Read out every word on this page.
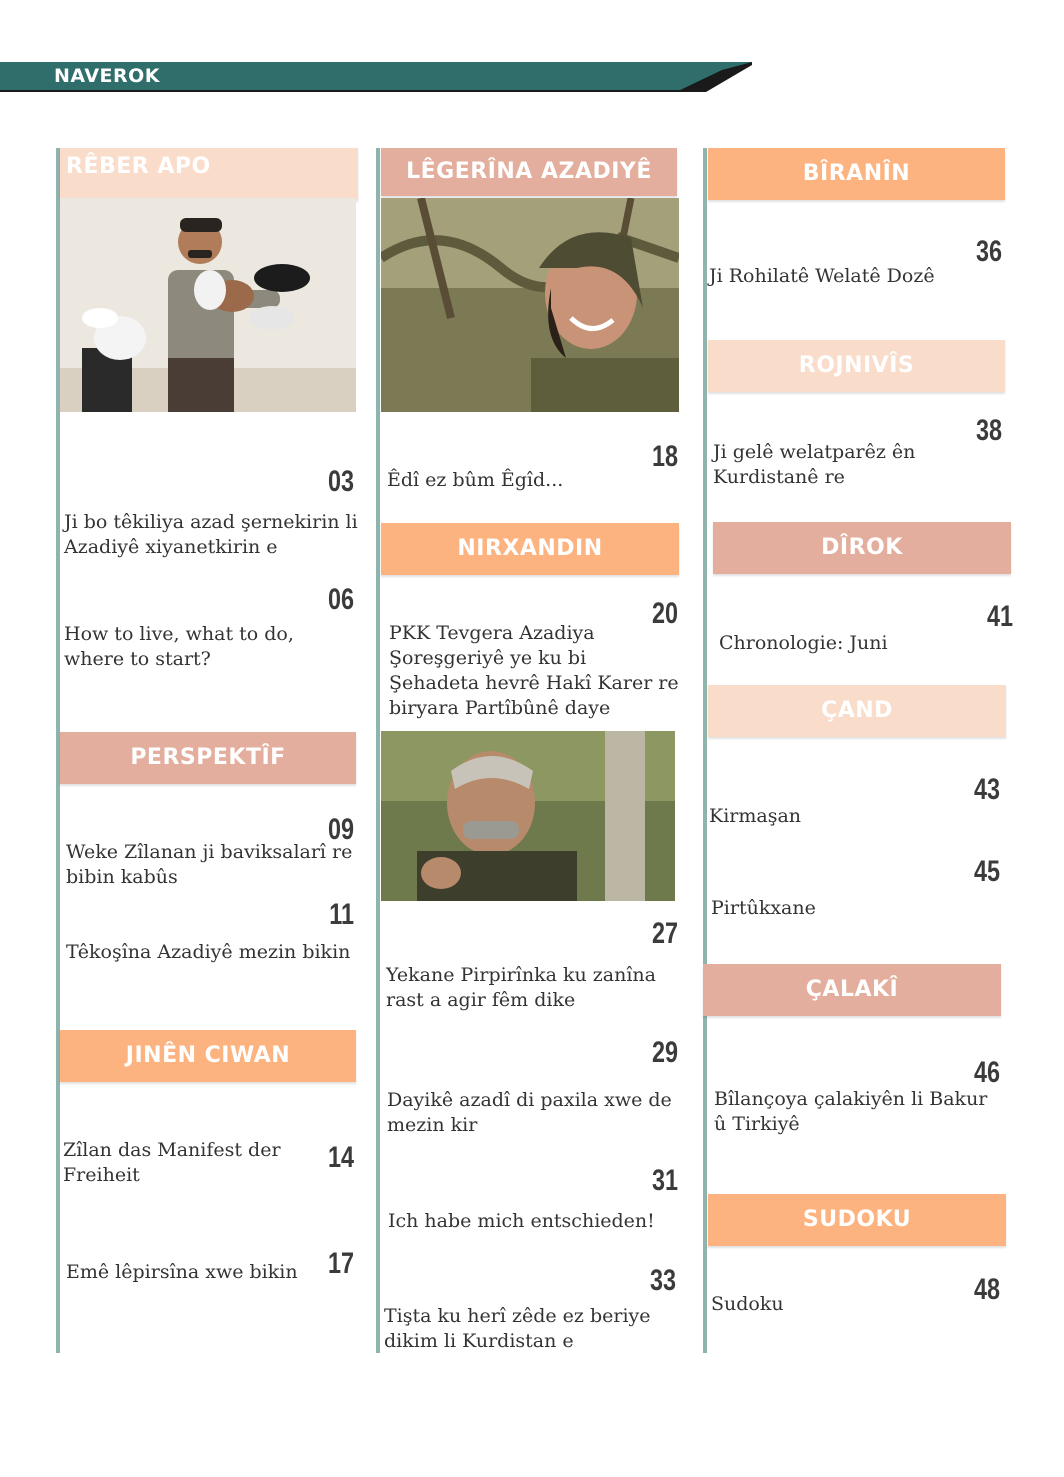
NAVEROK
RÊBER APO
03
Ji bo têkiliya azad şernekirin li Azadiyê xiyanetkirin e
06
How to live, what to do, where to start?
PERSPEKTÎF
09
Weke Zîlanan ji baviksalarî re bibin kabûs
11
Têkoşîna Azadiyê mezin bikin
JINÊN CIWAN
14
Zîlan das Manifest der Freiheit
17
Emê lêpirsîna xwe bikin
LÊGERÎNA AZADIYÊ
18
Êdî ez bûm Êgîd...
NIRXANDIN
20
PKK Tevgera Azadiya Şoreşgeriyê ye ku bi Şehadeta hevrê Hakî Karer re biryara Partîbûnê daye
27
Yekane Pirpirînka ku zanîna rast a agir fêm dike
29
Dayikê azadî di paxila xwe de mezin kir
31
Ich habe mich entschieden!
33
Tişta ku herî zêde ez beriye dikim li Kurdistan e
BÎRANÎN
36
Ji Rohilatê Welatê Dozê
ROJNIVÎS
38
Ji gelê welatparêz ên Kurdistanê re
DÎROK
41
Chronologie: Juni
ÇAND
43
Kirmaşan
45
Pirtûkxane
ÇALAKÎ
46
Bîlançoya çalakiyên li Bakur û Tirkiyê
SUDOKU
48
Sudoku
